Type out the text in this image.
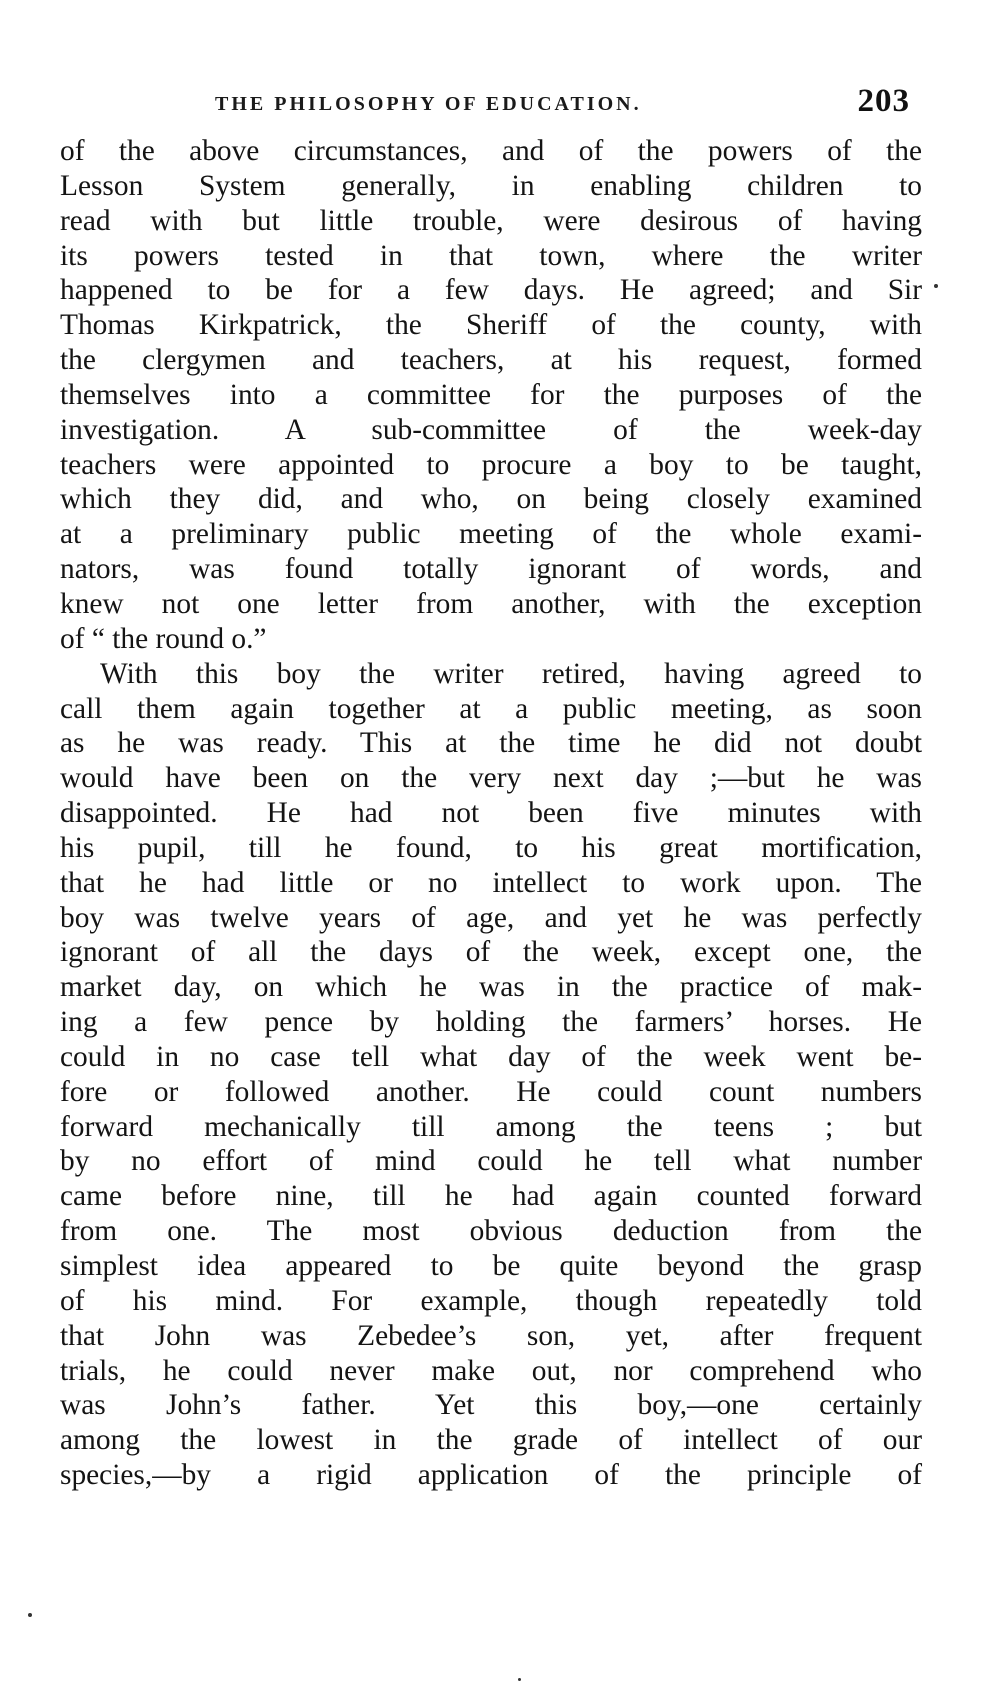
THE PHILOSOPHY OF EDUCATION.	203

of the above circumstances, and of the powers of the

Lesson System generally, in enabling children to

read with but little trouble, were desirous of having

its powers tested in that town, where the writer

happened to be for a few days. He agreed; and Sir

Thomas Kirkpatrick, the Sheriff of the county, with

the clergymen and teachers, at his request, formed

themselves into a committee for the purposes of the

investigation. A sub-committee of the week-day

teachers were appointed to procure a boy to be taught,

which they did, and who, on being closely examined

at a preliminary public meeting of the whole exami-

nators, was found totally ignorant of words, and

knew not one letter from another, with the exception

of “ the round o.”

With this boy the writer retired, having agreed to

call them again together at a public meeting, as soon

as he was ready. This at the time he did not doubt

would have been on the very next day ;—but he was

disappointed. He had not been five minutes with

his pupil, till he found, to his great mortification,

that he had little or no intellect to work upon. The

boy was twelve years of age, and yet he was perfectly

ignorant of all the days of the week, except one, the

market day, on which he was in the practice of mak-

ing a few pence by holding the farmers’ horses. He

could in no case tell what day of the week went be-

fore or followed another. He could count numbers

forward mechanically till among the teens ; but

by no effort of mind could he tell what number

came before nine, till he had again counted forward

from one. The most obvious deduction from the

simplest idea appeared to be quite beyond the grasp

of his mind. For example, though repeatedly told

that John was Zebedee’s son, yet, after frequent

trials, he could never make out, nor comprehend who

was John’s father. Yet this boy,—one certainly

among the lowest in the grade of intellect of our

species,—by a rigid application of the principle of
